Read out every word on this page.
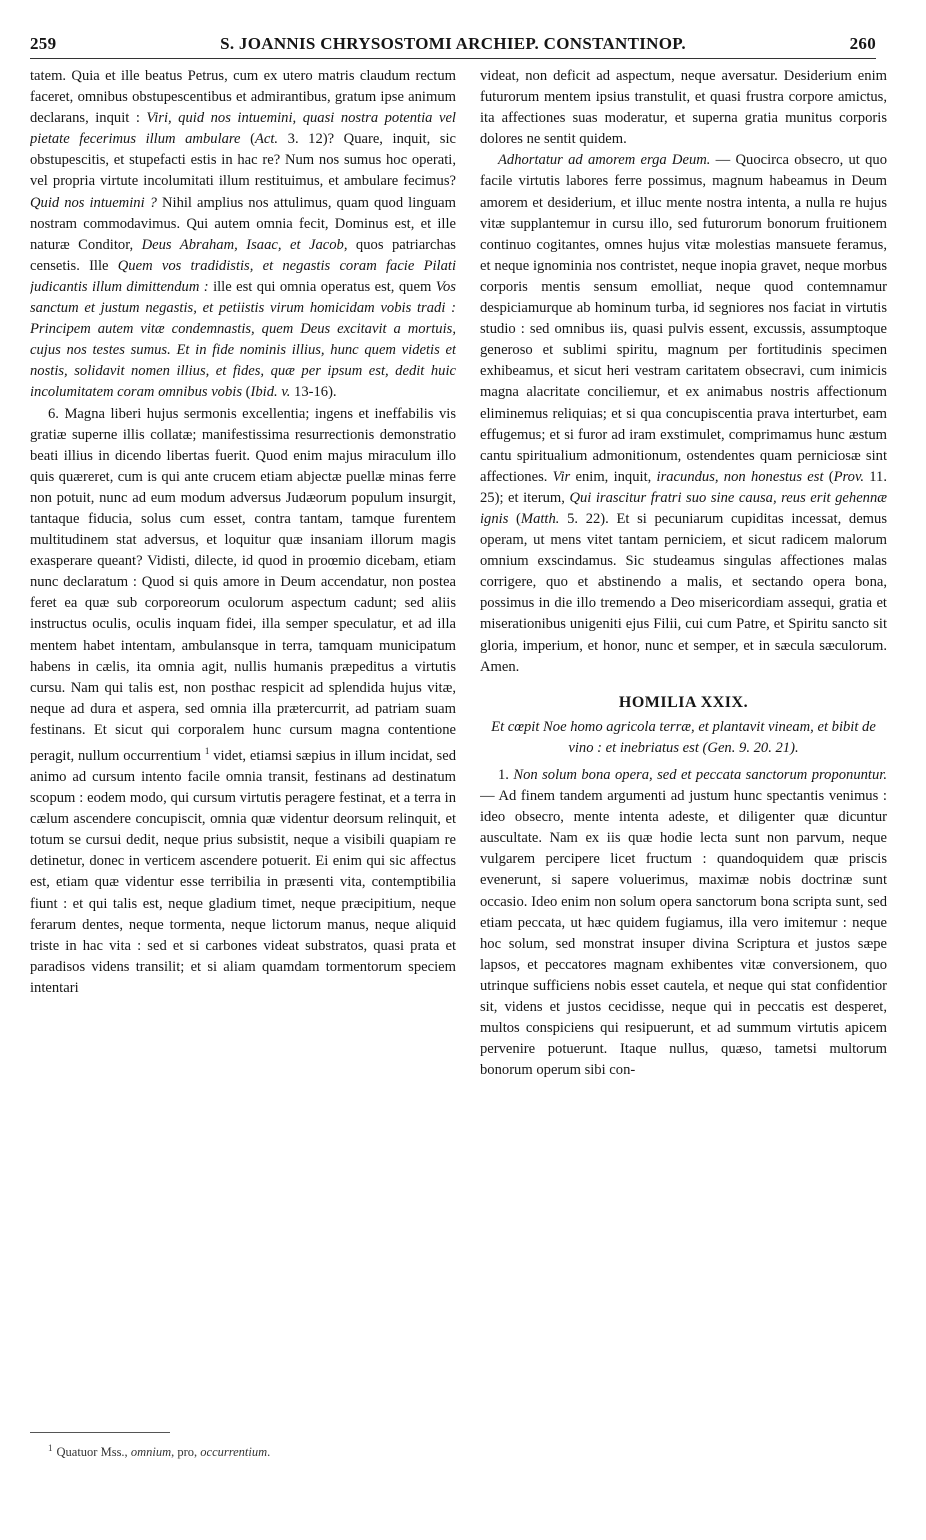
259	S. JOANNIS CHRYSOSTOMI ARCHIEP. CONSTANTINOP.	260

tatem. Quia et ille beatus Petrus, cum ex utero matris claudum rectum faceret, omnibus obstupescentibus et admirantibus, gratum ipse animum declarans, inquit : Viri, quid nos intuemini, quasi nostra potentia vel pietate fecerimus illum ambulare (Act. 3. 12)? Quare, inquit, sic obstupescitis, et stupefacti estis in hac re? Num nos sumus hoc operati, vel propria virtute incolumitati illum restituimus, et ambulare fecimus? Quid nos intuemini ? Nihil amplius nos attulimus, quam quod linguam nostram commodavimus. Qui autem omnia fecit, Dominus est, et ille naturæ Conditor, Deus Abraham, Isaac, et Jacob, quos patriarchas censetis. Ille Quem vos tradidistis, et negastis coram facie Pilati judicantis illum dimittendum : ille est qui omnia operatus est, quem Vos sanctum et justum negastis, et petiistis virum homicidam vobis tradi : Principem autem vitæ condemnastis, quem Deus excitavit a mortuis, cujus nos testes sumus. Et in fide nominis illius, hunc quem videtis et nostis, solidavit nomen illius, et fides, quæ per ipsum est, dedit huic incolumitatem coram omnibus vobis (Ibid. v. 13-16).

6. Magna liberi hujus sermonis excellentia; ingens et ineffabilis vis gratiæ superne illis collatæ; manifestissima resurrectionis demonstratio beati illius in dicendo libertas fuerit. Quod enim majus miraculum illo quis quæreret, cum is qui ante crucem etiam abjectæ puellæ minas ferre non potuit, nunc ad eum modum adversus Judæorum populum insurgit, tantaque fiducia, solus cum esset, contra tantam, tamque furentem multitudinem stat adversus, et loquitur quæ insaniam illorum magis exasperare queant? Vidisti, dilecte, id quod in proœmio dicebam, etiam nunc declaratum : Quod si quis amore in Deum accendatur, non postea feret ea quæ sub corporeorum oculorum aspectum cadunt; sed aliis instructus oculis, oculis inquam fidei, illa semper speculatur, et ad illa mentem habet intentam, ambulansque in terra, tamquam municipatum habens in cælis, ita omnia agit, nullis humanis præpeditus a virtutis cursu. Nam qui talis est, non posthac respicit ad splendida hujus vitæ, neque ad dura et aspera, sed omnia illa prætercurrit, ad patriam suam festinans. Et sicut qui corporalem hunc cursum magna contentione peragit, nullum occurrentium $^1$ videt, etiamsi sæpius in illum incidat, sed animo ad cursum intento facile omnia transit, festinans ad destinatum scopum : eodem modo, qui cursum virtutis peragere festinat, et a terra in cælum ascendere concupiscit, omnia quæ videntur deorsum relinquit, et totum se cursui dedit, neque prius subsistit, neque a visibili quapiam re detinetur, donec in verticem ascendere potuerit. Ei enim qui sic affectus est, etiam quæ videntur esse terribilia in præsenti vita, contemptibilia fiunt : et qui talis est, neque gladium timet, neque præcipitium, neque ferarum dentes, neque tormenta, neque lictorum manus, neque aliquid triste in hac vita : sed et si carbones videat substratos, quasi prata et paradisos videns transilit; et si aliam quamdam tormentorum speciem intentari

videat, non deficit ad aspectum, neque aversatur. Desiderium enim futurorum mentem ipsius transtulit, et quasi frustra corpore amictus, ita affectiones suas moderatur, et superna gratia munitus corporis dolores ne sentit quidem.

Adhortatur ad amorem erga Deum. — Quocirca obsecro, ut quo facile virtutis labores ferre possimus, magnum habeamus in Deum amorem et desiderium, et illuc mente nostra intenta, a nulla re hujus vitæ supplantemur in cursu illo, sed futurorum bonorum fruitionem continuo cogitantes, omnes hujus vitæ molestias mansuete feramus, et neque ignominia nos contristet, neque inopia gravet, neque morbus corporis mentis sensum emolliat, neque quod contemnamur despiciamurque ab hominum turba, id segniores nos faciat in virtutis studio : sed omnibus iis, quasi pulvis essent, excussis, assumptoque generoso et sublimi spiritu, magnum per fortitudinis specimen exhibeamus, et sicut heri vestram caritatem obsecravi, cum inimicis magna alacritate conciliemur, et ex animabus nostris affectionum eliminemus reliquias; et si qua concupiscentia prava interturbet, eam effugemus; et si furor ad iram exstimulet, comprimamus hunc æstum cantu spiritualium admonitionum, ostendentes quam perniciosæ sint affectiones. Vir enim, inquit, iracundus, non honestus est (Prov. 11. 25); et iterum, Qui irascitur fratri suo sine causa, reus erit gehennæ ignis (Matth. 5. 22). Et si pecuniarum cupiditas incessat, demus operam, ut mens vitet tantam perniciem, et sicut radicem malorum omnium exscindamus. Sic studeamus singulas affectiones malas corrigere, quo et abstinendo a malis, et sectando opera bona, possimus in die illo tremendo a Deo misericordiam assequi, gratia et miserationibus unigeniti ejus Filii, cui cum Patre, et Spiritu sancto sit gloria, imperium, et honor, nunc et semper, et in sæcula sæculorum. Amen.

HOMILIA XXIX.

Et cœpit Noe homo agricola terræ, et plantavit vineam, et bibit de vino : et inebriatus est (Gen. 9. 20. 21).

1. Non solum bona opera, sed et peccata sanctorum proponuntur. — Ad finem tandem argumenti ad justum hunc spectantis venimus : ideo obsecro, mente intenta adeste, et diligenter quæ dicuntur auscultate. Nam ex iis quæ hodie lecta sunt non parvum, neque vulgarem percipere licet fructum : quandoquidem quæ priscis evenerunt, si sapere voluerimus, maximæ nobis doctrinæ sunt occasio. Ideo enim non solum opera sanctorum bona scripta sunt, sed etiam peccata, ut hæc quidem fugiamus, illa vero imitemur : neque hoc solum, sed monstrat insuper divina Scriptura et justos sæpe lapsos, et peccatores magnam exhibentes vitæ conversionem, quo utrinque sufficiens nobis esset cautela, et neque qui stat confidentior sit, videns et justos cecidisse, neque qui in peccatis est desperet, multos conspiciens qui resipuerunt, et ad summum virtutis apicem pervenire potuerunt. Itaque nullus, quæso, tametsi multorum bonorum operum sibi con-

$^1$ Quatuor Mss., omnium, pro, occurrentium.
